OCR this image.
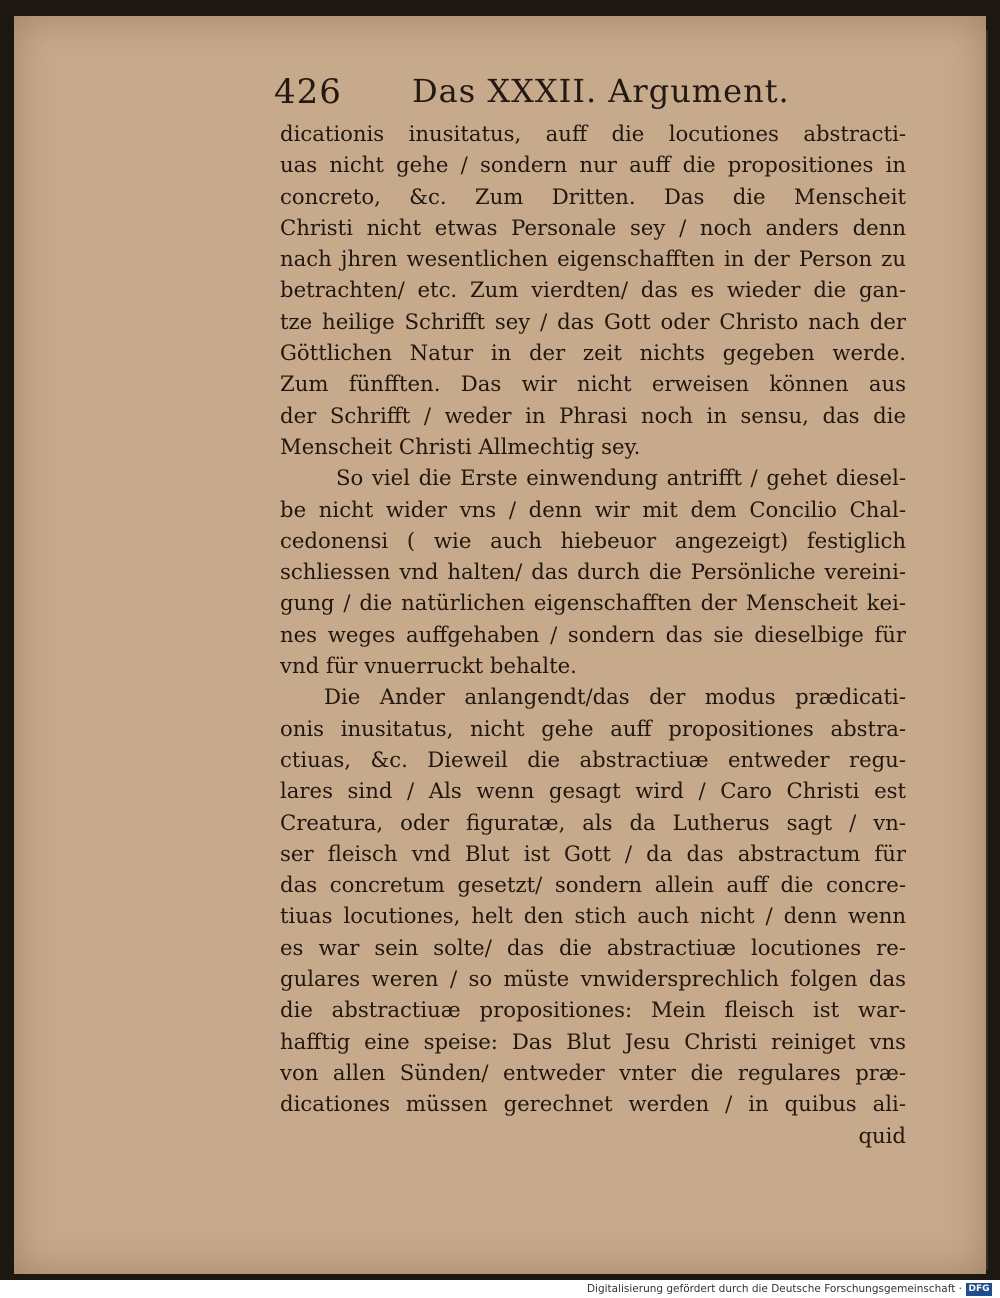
426 Das XXXII. Argument.
dicationis inusitatus, auff die locutiones abstracti-
uas nicht gehe / sondern nur auff die propositiones in
concreto, &c. Zum Dritten. Das die Menscheit
Christi nicht etwas Personale sey / noch anders denn
nach jhren wesentlichen eigenschafften in der Person zu
betrachten/ etc. Zum vierdten/ das es wieder die gan-
tze heilige Schrifft sey / das Gott oder Christo nach der
Göttlichen Natur in der zeit nichts gegeben werde.
Zum fünfften. Das wir nicht erweisen können aus
der Schrifft / weder in Phrasi noch in sensu, das die
Menscheit Christi Allmechtig sey.
So viel die Erste einwendung antrifft / gehet diesel-
be nicht wider vns / denn wir mit dem Concilio Chal-
cedonensi ( wie auch hiebeuor angezeigt) festiglich
schliessen vnd halten/ das durch die Persönliche vereini-
gung / die natürlichen eigenschafften der Menscheit kei-
nes weges auffgehaben / sondern das sie dieselbige für
vnd für vnuerruckt behalte.
Die Ander anlangendt/das der modus prædicati-
onis inusitatus, nicht gehe auff propositiones abstra-
ctiuas, &c. Dieweil die abstractiuæ entweder regu-
lares sind / Als wenn gesagt wird / Caro Christi est
Creatura, oder figuratæ, als da Lutherus sagt / vn-
ser fleisch vnd Blut ist Gott / da das abstractum für
das concretum gesetzt/ sondern allein auff die concre-
tiuas locutiones, helt den stich auch nicht / denn wenn
es war sein solte/ das die abstractiuæ locutiones re-
gulares weren / so müste vnwidersprechlich folgen das
die abstractiuæ propositiones: Mein fleisch ist war-
hafftig eine speise: Das Blut Jesu Christi reiniget vns
von allen Sünden/ entweder vnter die regulares præ-
dicationes müssen gerechnet werden / in quibus ali-
quid
Digitalisierung gefördert durch die Deutsche Forschungsgemeinschaft · DFG
